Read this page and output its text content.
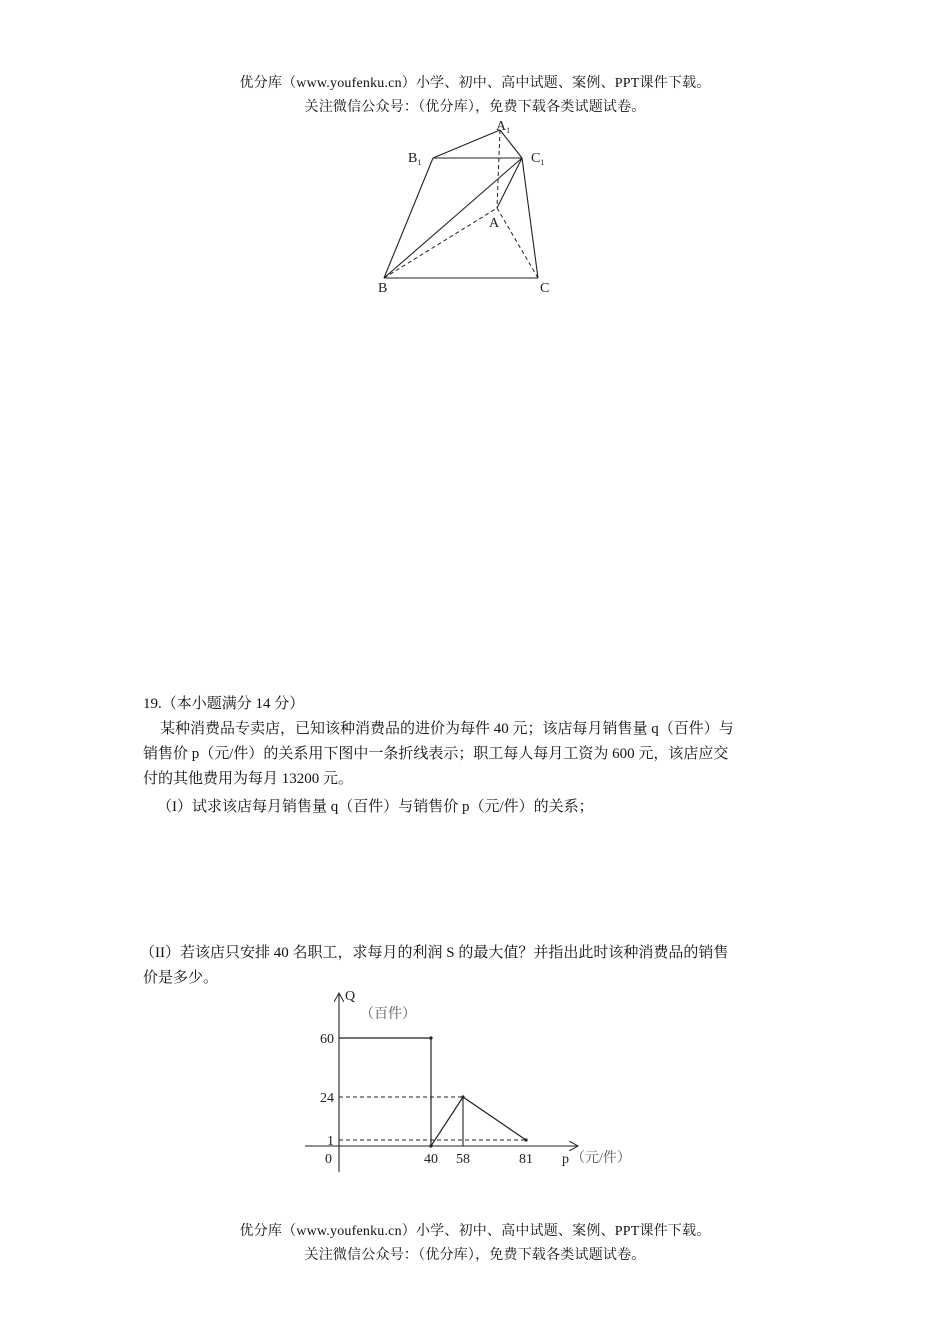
优分库（www.youfenku.cn）小学、初中、高中试题、案例、PPT课件下载。
关注微信公众号：（优分库），免费下载各类试题试卷。
$A_1$
$B_1$	$C_1$
A
B	C
19.（本小题满分 14 分）
某种消费品专卖店，已知该种消费品的进价为每件 40 元；该店每月销售量 q（百件）与
销售价 p（元/件）的关系用下图中一条折线表示；职工每人每月工资为 600 元，该店应交
付的其他费用为每月 13200 元。
（I）试求该店每月销售量 q（百件）与销售价 p（元/件）的关系；
（II）若该店只安排 40 名职工，求每月的利润 S 的最大值？并指出此时该种消费品的销售
价是多少。
40 58	81
1
24
60
0
Q
（百件）
p （元/件）
优分库（www.youfenku.cn）小学、初中、高中试题、案例、PPT课件下载。
关注微信公众号：（优分库），免费下载各类试题试卷。
